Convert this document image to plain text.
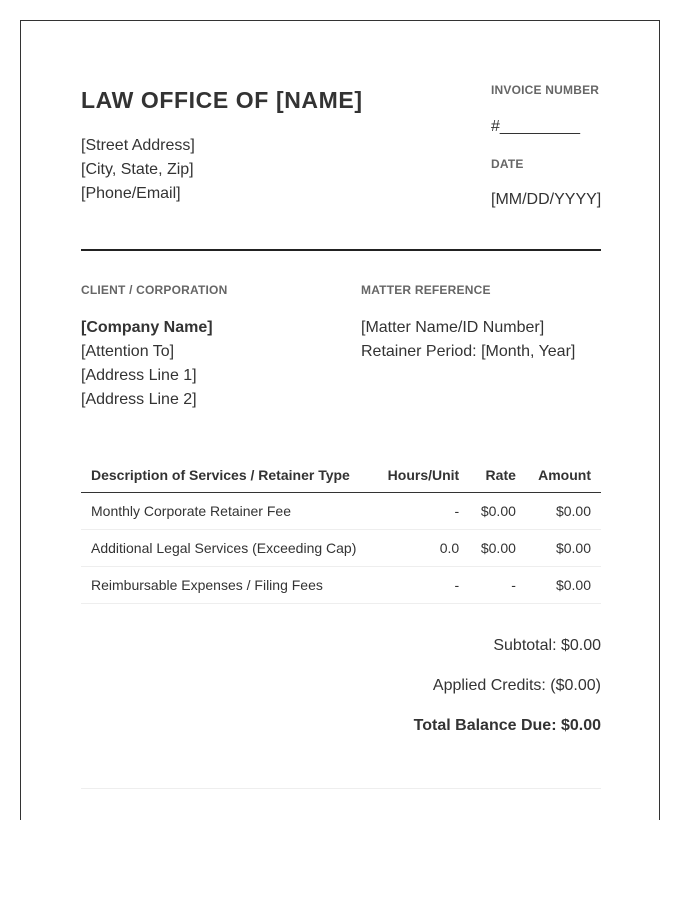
LAW OFFICE OF [NAME]
[Street Address]
[City, State, Zip]
[Phone/Email]
INVOICE NUMBER
#_________
DATE
[MM/DD/YYYY]
CLIENT / CORPORATION	MATTER REFERENCE
[Company Name]
[Attention To]
[Address Line 1]
[Address Line 2]
[Matter Name/ID Number]
Retainer Period: [Month, Year]
Description of Services / Retainer Type	Hours/Unit	Rate	Amount
Monthly Corporate Retainer Fee	-	$0.00	$0.00
Additional Legal Services (Exceeding Cap)	0.0	$0.00	$0.00
Reimbursable Expenses / Filing Fees	-	-	$0.00
Subtotal: $0.00
Applied Credits: ($0.00)
Total Balance Due: $0.00
